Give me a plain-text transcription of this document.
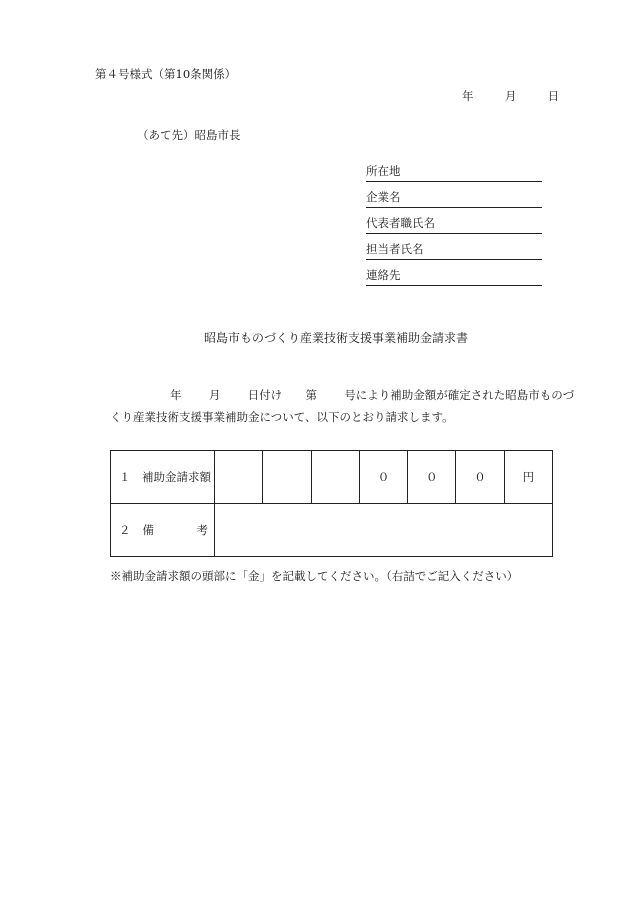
第４号様式（第10条関係）
年	月	日
（あて先）昭島市長
所在地
企業名
代表者職氏名
担当者氏名
連絡先
昭島市ものづくり産業技術支援事業補助金請求書
年 月 日付け 第 号により補助金額が確定された昭島市ものづ
くり産業技術支援事業補助金について、以下のとおり請求します。
１　補助金請求額				０	０	０	円

２ 備 考							

※補助金請求額の頭部に「金」を記載してください。（右詰でご記入ください）
